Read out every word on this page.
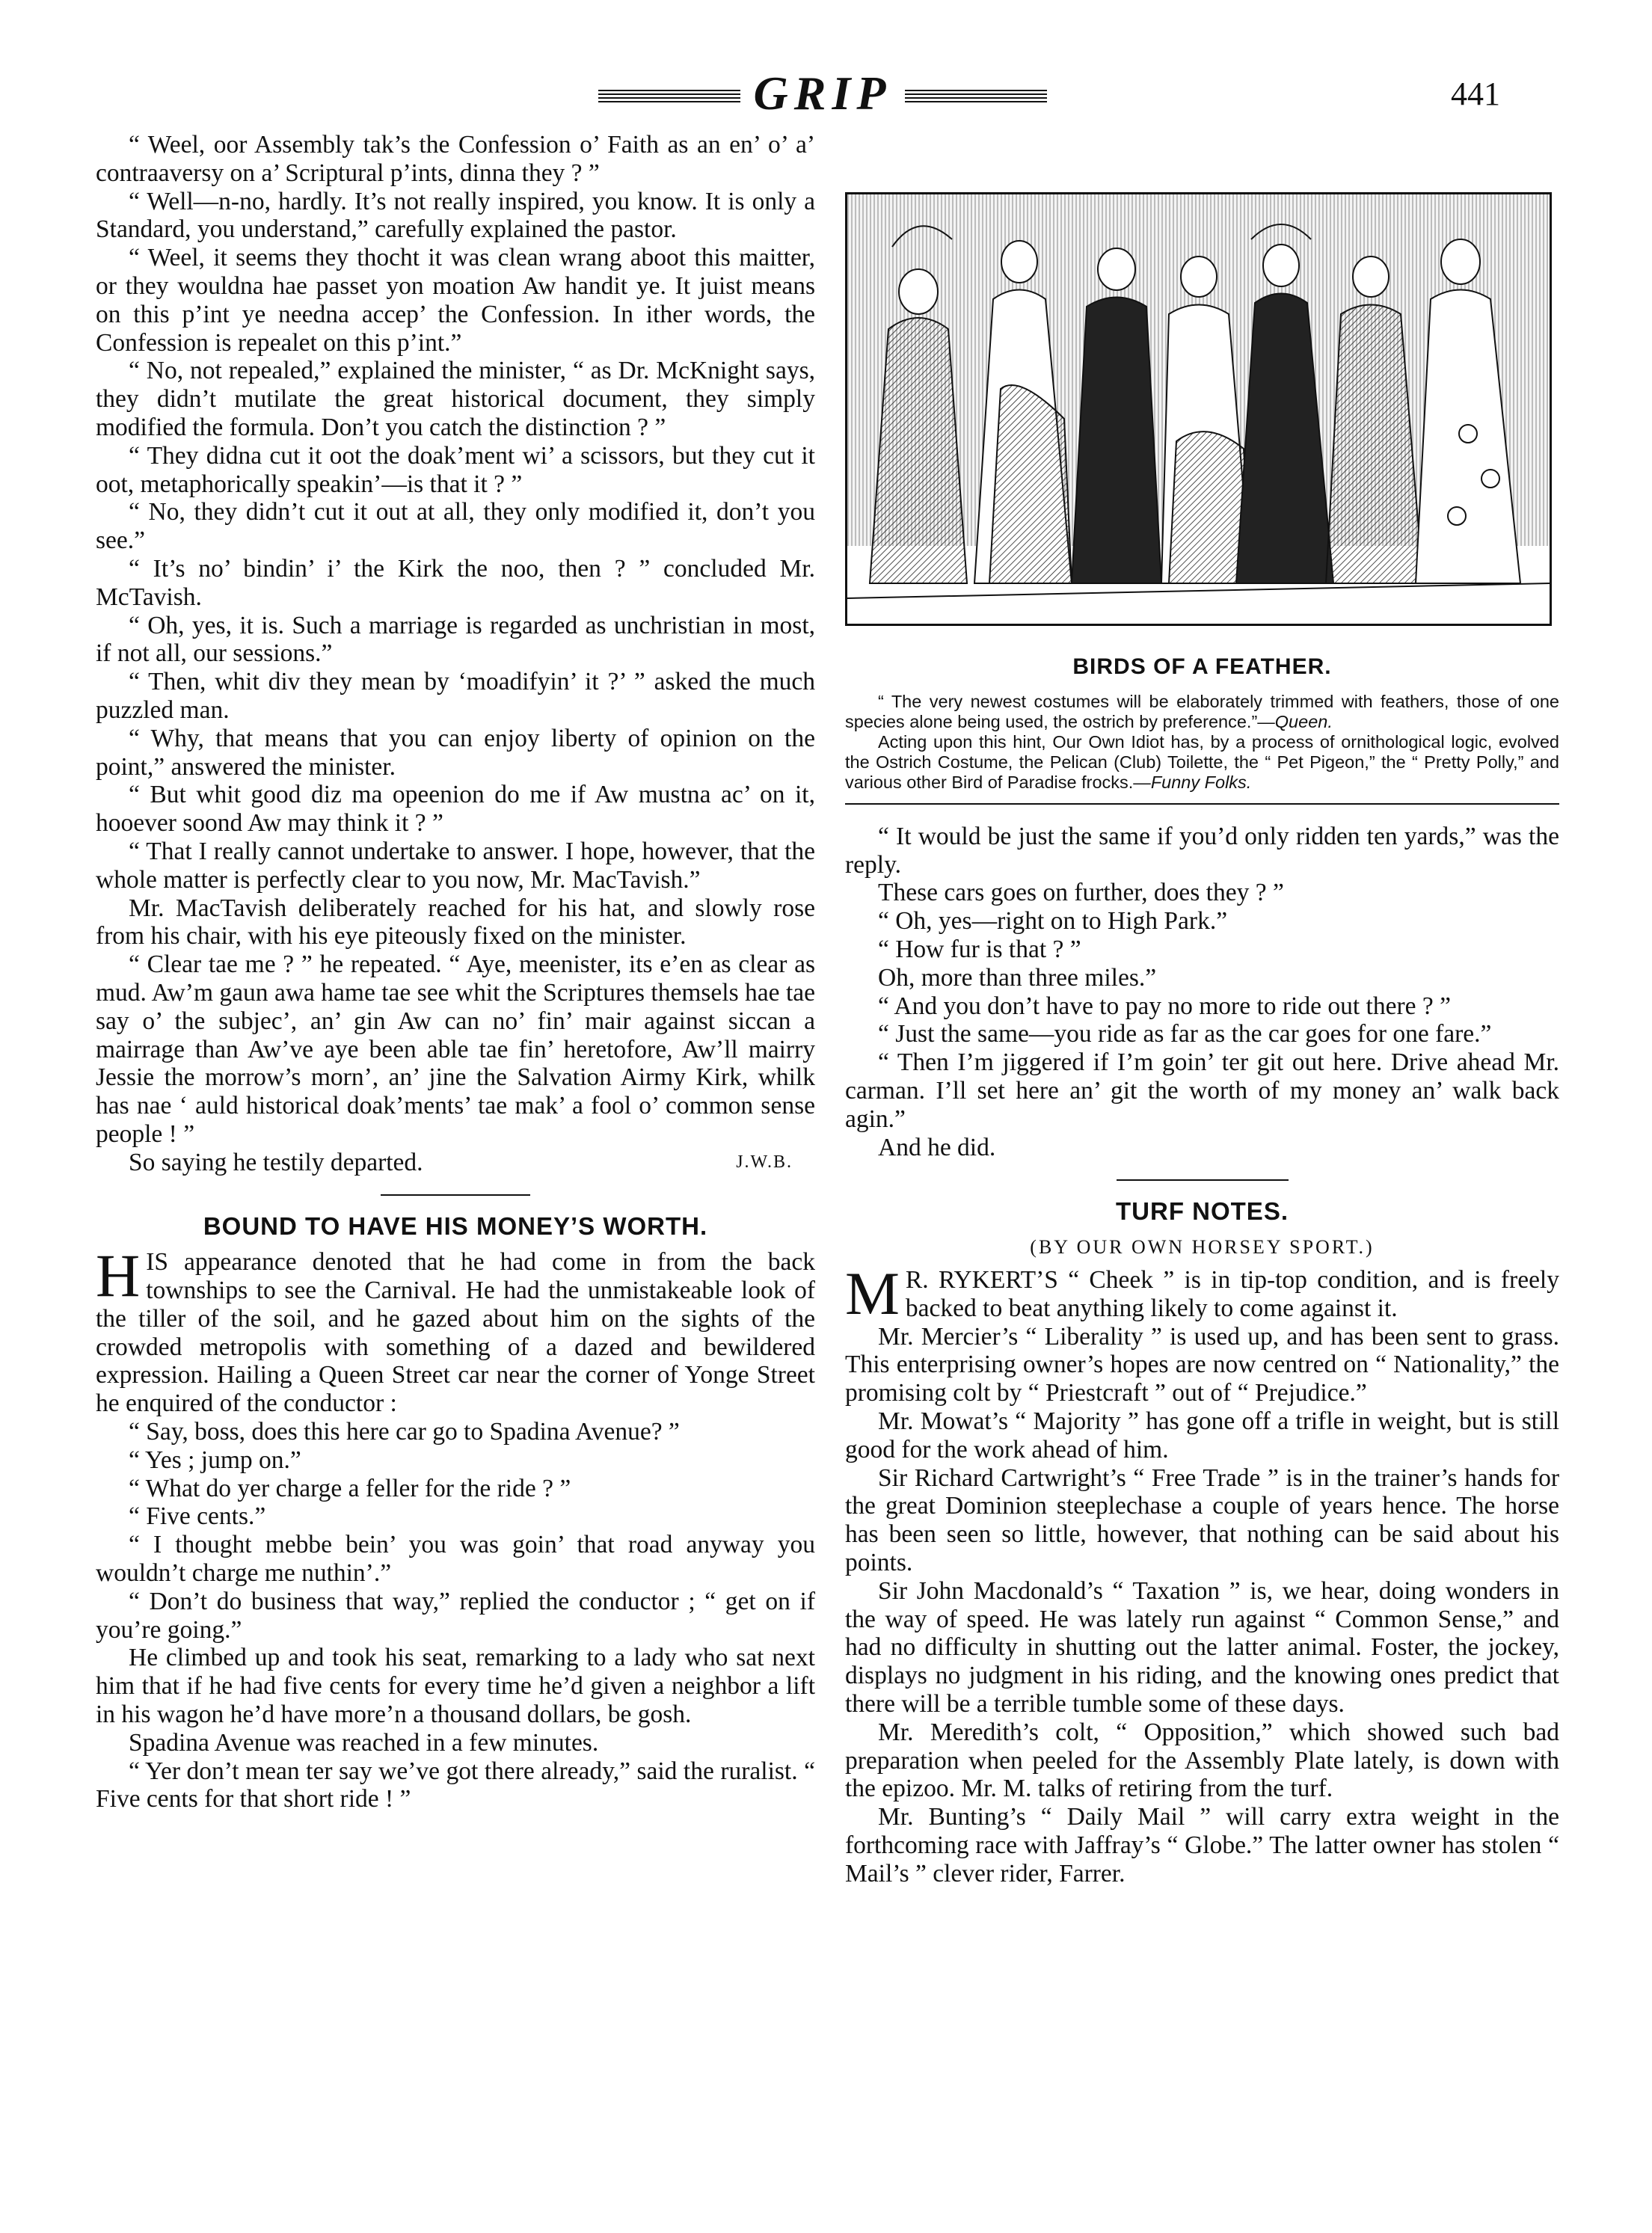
GRIP	441

“ Weel, oor Assembly tak’s the Confession o’ Faith as an en’ o’ a’ contraaversy on a’ Scriptural p’ints, dinna they ? ”

“ Well—n-no, hardly. It’s not really inspired, you know. It is only a Standard, you understand,” carefully explained the pastor.

“ Weel, it seems they thocht it was clean wrang aboot this maitter, or they wouldna hae passet yon moation Aw handit ye. It juist means on this p’int ye needna accep’ the Confession. In ither words, the Confession is repealet on this p’int.”

“ No, not repealed,” explained the minister, “ as Dr. McKnight says, they didn’t mutilate the great historical document, they simply modified the formula. Don’t you catch the distinction ? ”

“ They didna cut it oot the doak’ment wi’ a scissors, but they cut it oot, metaphorically speakin’—is that it ? ”

“ No, they didn’t cut it out at all, they only modified it, don’t you see.”

“ It’s no’ bindin’ i’ the Kirk the noo, then ? ” concluded Mr. McTavish.

“ Oh, yes, it is. Such a marriage is regarded as unchristian in most, if not all, our sessions.”

“ Then, whit div they mean by ‘moadifyin’ it ?’ ” asked the much puzzled man.

“ Why, that means that you can enjoy liberty of opinion on the point,” answered the minister.

“ But whit good diz ma opeenion do me if Aw mustna ac’ on it, hooever soond Aw may think it ? ”

“ That I really cannot undertake to answer. I hope, however, that the whole matter is perfectly clear to you now, Mr. MacTavish.”

Mr. MacTavish deliberately reached for his hat, and slowly rose from his chair, with his eye piteously fixed on the minister.

“ Clear tae me ? ” he repeated. “ Aye, meenister, its e’en as clear as mud. Aw’m gaun awa hame tae see whit the Scriptures themsels hae tae say o’ the subjec’, an’ gin Aw can no’ fin’ mair against siccan a mairrage than Aw’ve aye been able tae fin’ heretofore, Aw’ll mairry Jessie the morrow’s morn’, an’ jine the Salvation Airmy Kirk, whilk has nae ‘ auld historical doak’ments’ tae mak’ a fool o’ common sense people ! ”

So saying he testily departed.	J.W.B.

BOUND TO HAVE HIS MONEY’S WORTH.

HIS appearance denoted that he had come in from the back townships to see the Carnival. He had the unmistakeable look of the tiller of the soil, and he gazed about him on the sights of the crowded metropolis with something of a dazed and bewildered expression. Hailing a Queen Street car near the corner of Yonge Street he enquired of the conductor :

“ Say, boss, does this here car go to Spadina Avenue? ”

“ Yes ; jump on.”

“ What do yer charge a feller for the ride ? ”

“ Five cents.”

“ I thought mebbe bein’ you was goin’ that road anyway you wouldn’t charge me nuthin’.”

“ Don’t do business that way,” replied the conductor ; “ get on if you’re going.”

He climbed up and took his seat, remarking to a lady who sat next him that if he had five cents for every time he’d given a neighbor a lift in his wagon he’d have more’n a thousand dollars, be gosh.

Spadina Avenue was reached in a few minutes.

“ Yer don’t mean ter say we’ve got there already,” said the ruralist. “ Five cents for that short ride ! ”

BIRDS OF A FEATHER.

“ The very newest costumes will be elaborately trimmed with feathers, those of one species alone being used, the ostrich by preference.”—Queen.

Acting upon this hint, Our Own Idiot has, by a process of ornithological logic, evolved the Ostrich Costume, the Pelican (Club) Toilette, the “ Pet Pigeon,” the “ Pretty Polly,” and various other Bird of Paradise frocks.—Funny Folks.

“ It would be just the same if you’d only ridden ten yards,” was the reply.

These cars goes on further, does they ? ”

“ Oh, yes—right on to High Park.”

“ How fur is that ? ”

Oh, more than three miles.”

“ And you don’t have to pay no more to ride out there ? ”

“ Just the same—you ride as far as the car goes for one fare.”

“ Then I’m jiggered if I’m goin’ ter git out here. Drive ahead Mr. carman. I’ll set here an’ git the worth of my money an’ walk back agin.”

And he did.

TURF NOTES.
(BY OUR OWN HORSEY SPORT.)

M R. RYKERT’S “ Cheek ” is in tip-top condition, and is freely backed to beat anything likely to come against it.

Mr. Mercier’s “ Liberality ” is used up, and has been sent to grass. This enterprising owner’s hopes are now centred on “ Nationality,” the promising colt by “ Priestcraft ” out of “ Prejudice.”

Mr. Mowat’s “ Majority ” has gone off a trifle in weight, but is still good for the work ahead of him.

Sir Richard Cartwright’s “ Free Trade ” is in the trainer’s hands for the great Dominion steeplechase a couple of years hence. The horse has been seen so little, however, that nothing can be said about his points.

Sir John Macdonald’s “ Taxation ” is, we hear, doing wonders in the way of speed. He was lately run against “ Common Sense,” and had no difficulty in shutting out the latter animal. Foster, the jockey, displays no judgment in his riding, and the knowing ones predict that there will be a terrible tumble some of these days.

Mr. Meredith’s colt, “ Opposition,” which showed such bad preparation when peeled for the Assembly Plate lately, is down with the epizoo. Mr. M. talks of retiring from the turf.

Mr. Bunting’s “ Daily Mail ” will carry extra weight in the forthcoming race with Jaffray’s “ Globe.” The latter owner has stolen “ Mail’s ” clever rider, Farrer.
